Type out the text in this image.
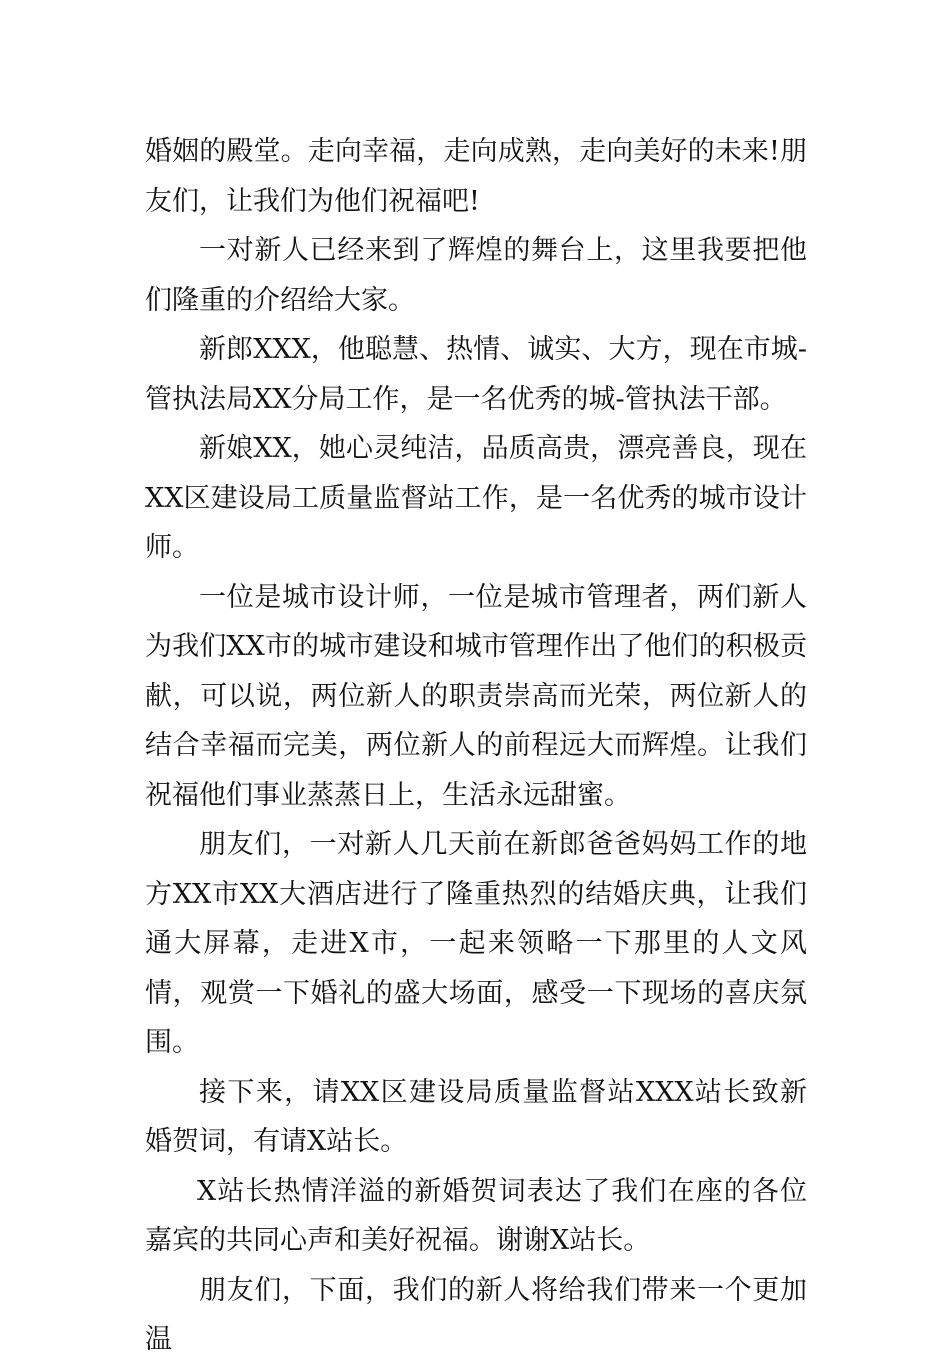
婚姻的殿堂。走向幸福，走向成熟，走向美好的未来!朋友们，让我们为他们祝福吧!

一对新人已经来到了辉煌的舞台上，这里我要把他们隆重的介绍给大家。

新郎XXX，他聪慧、热情、诚实、大方，现在市城-管执法局XX分局工作，是一名优秀的城-管执法干部。

新娘XX，她心灵纯洁，品质高贵，漂亮善良，现在XX区建设局工质量监督站工作，是一名优秀的城市设计师。

一位是城市设计师，一位是城市管理者，两们新人为我们XX市的城市建设和城市管理作出了他们的积极贡献，可以说，两位新人的职责崇高而光荣，两位新人的结合幸福而完美，两位新人的前程远大而辉煌。让我们祝福他们事业蒸蒸日上，生活永远甜蜜。

朋友们，一对新人几天前在新郎爸爸妈妈工作的地方XX市XX大酒店进行了隆重热烈的结婚庆典，让我们通大屏幕，走进X市，一起来领略一下那里的人文风情，观赏一下婚礼的盛大场面，感受一下现场的喜庆氛围。

接下来，请XX区建设局质量监督站XXX站长致新婚贺词，有请X站长。

X站长热情洋溢的新婚贺词表达了我们在座的各位嘉宾的共同心声和美好祝福。谢谢X站长。

朋友们，下面，我们的新人将给我们带来一个更加温
